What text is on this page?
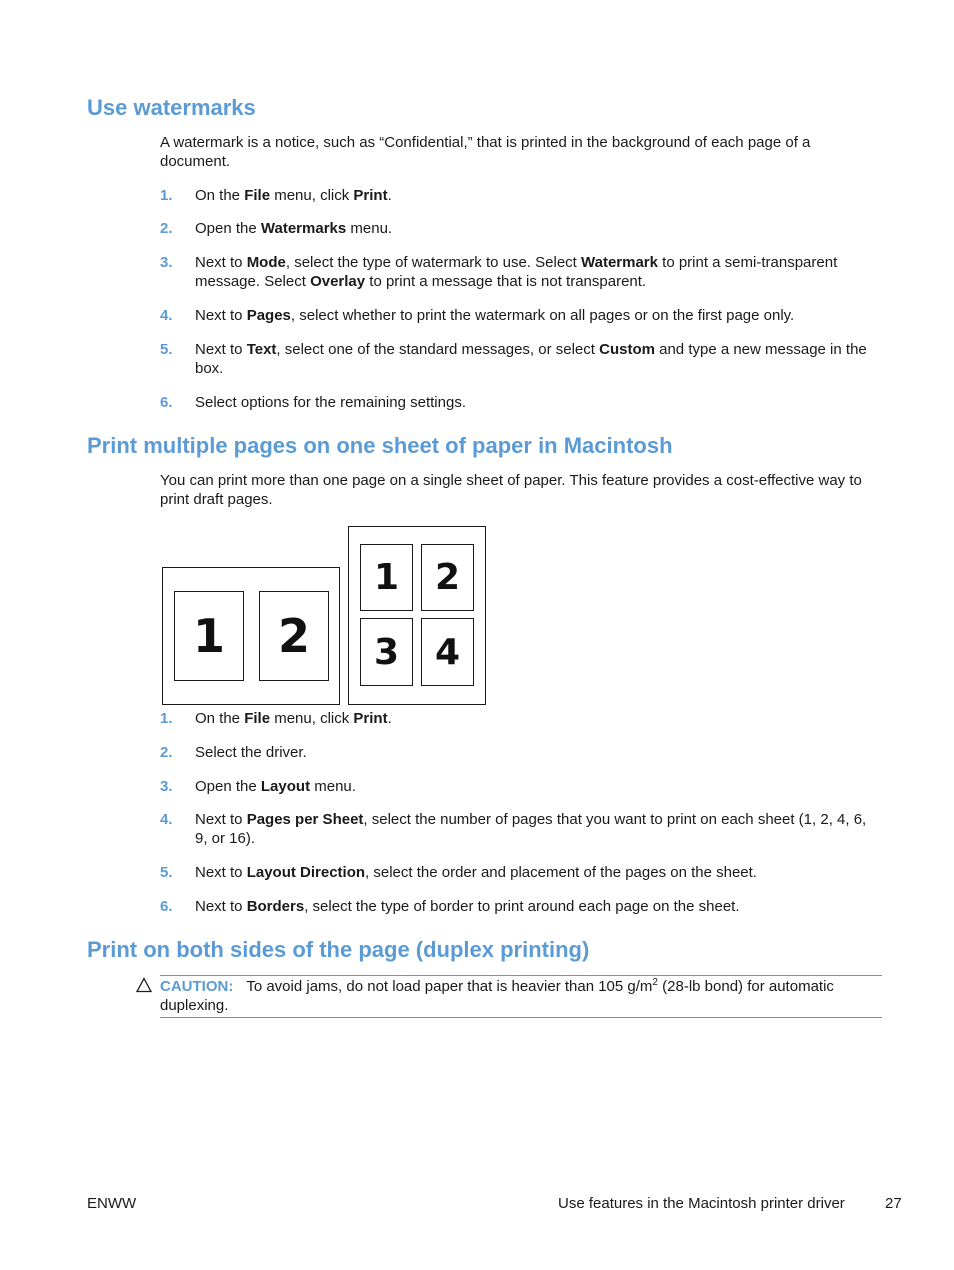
Use watermarks

A watermark is a notice, such as “Confidential,” that is printed in the background of each page of a document.

1. On the File menu, click Print.
2. Open the Watermarks menu.
3. Next to Mode, select the type of watermark to use. Select Watermark to print a semi-transparent message. Select Overlay to print a message that is not transparent.
4. Next to Pages, select whether to print the watermark on all pages or on the first page only.
5. Next to Text, select one of the standard messages, or select Custom and type a new message in the box.
6. Select options for the remaining settings.
Print multiple pages on one sheet of paper in Macintosh

You can print more than one page on a single sheet of paper. This feature provides a cost-effective way to print draft pages.

1	2
1 2
3 4
1. On the File menu, click Print.
2. Select the driver.
3. Open the Layout menu.
4. Next to Pages per Sheet, select the number of pages that you want to print on each sheet (1, 2, 4, 6, 9, or 16).
5. Next to Layout Direction, select the order and placement of the pages on the sheet.
6. Next to Borders, select the type of border to print around each page on the sheet.
Print on both sides of the page (duplex printing)
CAUTION: To avoid jams, do not load paper that is heavier than 105 $g/m^2$ (28-lb bond) for automatic duplexing.
ENWW	Use features in the Macintosh printer driver	27
